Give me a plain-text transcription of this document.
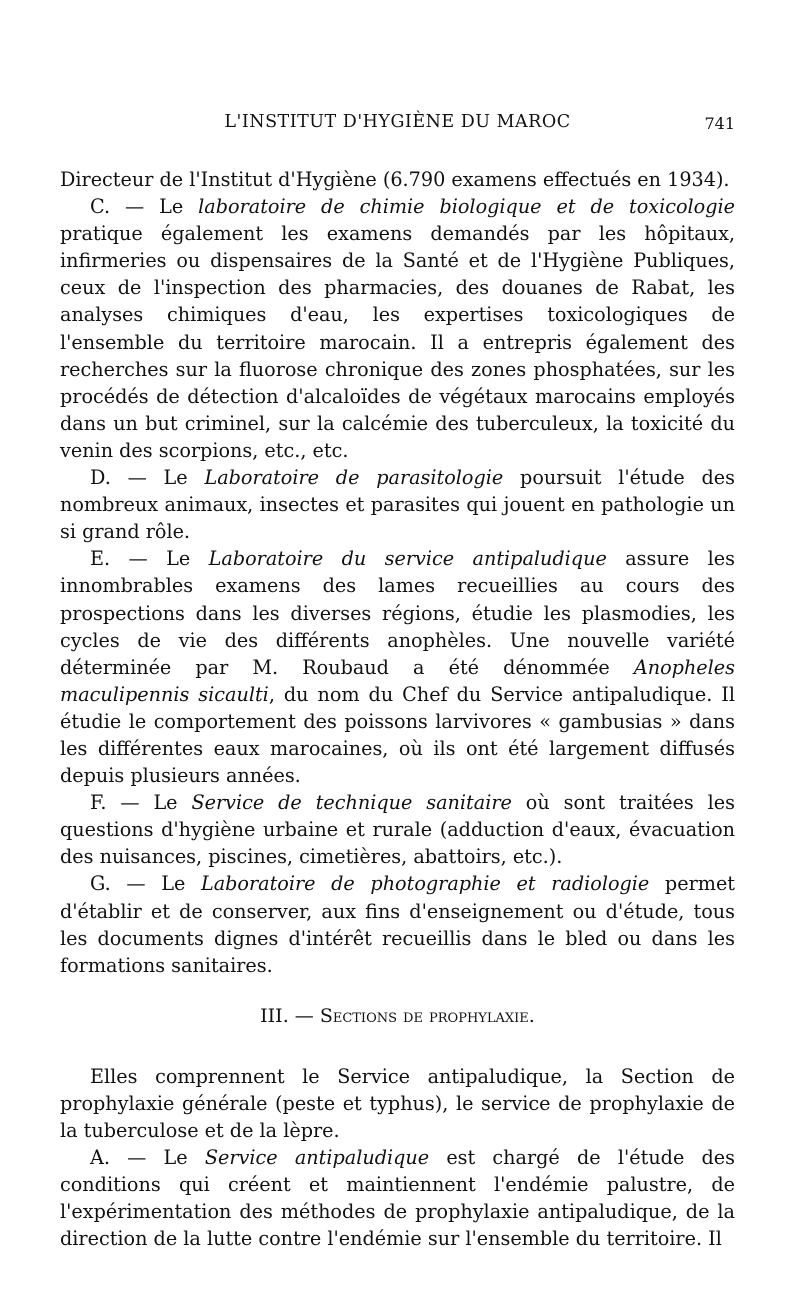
L'INSTITUT D'HYGIÈNE DU MAROC	741

Directeur de l'Institut d'Hygiène (6.790 examens effectués en 1934).

C. — Le laboratoire de chimie biologique et de toxicologie pratique également les examens demandés par les hôpitaux, infirmeries ou dispensaires de la Santé et de l'Hygiène Publiques, ceux de l'inspection des pharmacies, des douanes de Rabat, les analyses chimiques d'eau, les expertises toxicologiques de l'ensemble du territoire marocain. Il a entrepris également des recherches sur la fluorose chronique des zones phosphatées, sur les procédés de détection d'alcaloïdes de végétaux marocains employés dans un but criminel, sur la calcémie des tuberculeux, la toxicité du venin des scorpions, etc., etc.

D. — Le Laboratoire de parasitologie poursuit l'étude des nombreux animaux, insectes et parasites qui jouent en pathologie un si grand rôle.

E. — Le Laboratoire du service antipaludique assure les innombrables examens des lames recueillies au cours des prospections dans les diverses régions, étudie les plasmodies, les cycles de vie des différents anophèles. Une nouvelle variété déterminée par M. Roubaud a été dénommée Anopheles maculipennis sicaulti, du nom du Chef du Service antipaludique. Il étudie le comportement des poissons larvivores « gambusias » dans les différentes eaux marocaines, où ils ont été largement diffusés depuis plusieurs années.

F. — Le Service de technique sanitaire où sont traitées les questions d'hygiène urbaine et rurale (adduction d'eaux, évacuation des nuisances, piscines, cimetières, abattoirs, etc.).

G. — Le Laboratoire de photographie et radiologie permet d'établir et de conserver, aux fins d'enseignement ou d'étude, tous les documents dignes d'intérêt recueillis dans le bled ou dans les formations sanitaires.

III. — Sections de prophylaxie.

Elles comprennent le Service antipaludique, la Section de prophylaxie générale (peste et typhus), le service de prophylaxie de la tuberculose et de la lèpre.

A. — Le Service antipaludique est chargé de l'étude des conditions qui créent et maintiennent l'endémie palustre, de l'expérimentation des méthodes de prophylaxie antipaludique, de la direction de la lutte contre l'endémie sur l'ensemble du territoire. Il
